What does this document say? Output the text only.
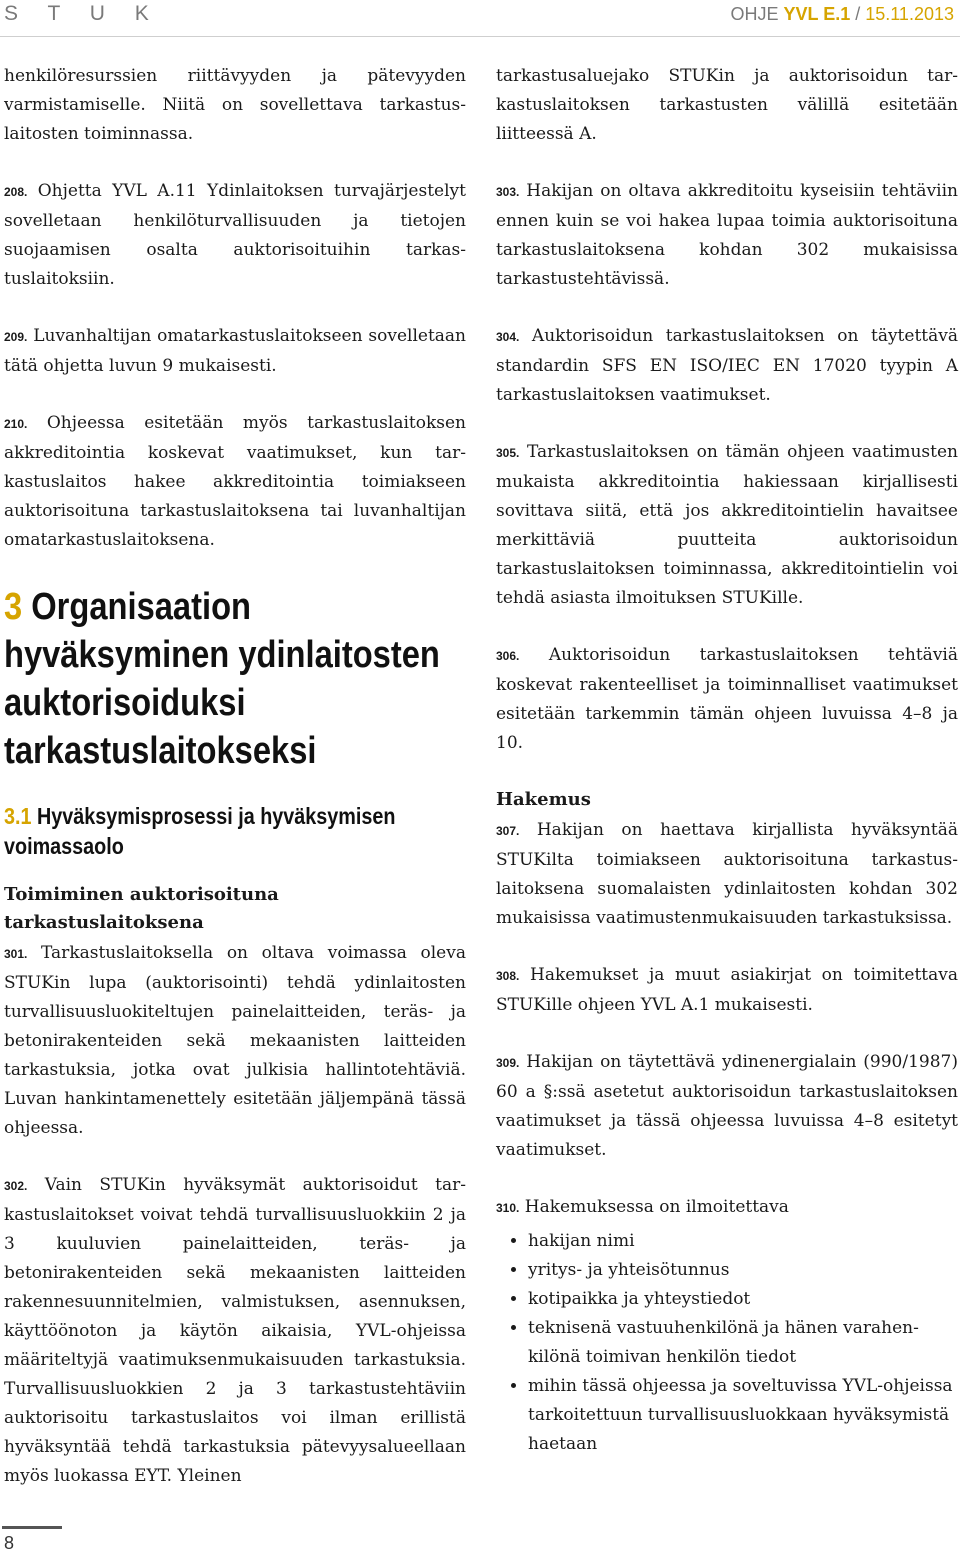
S T U K	OHJE YVL E.1 / 15.11.2013

henkilöresurssien riittävyyden ja pätevyyden varmistamiselle. Niitä on sovellettava tarkastuslaitosten toiminnassa.

208. Ohjetta YVL A.11 Ydinlaitoksen turvajärjestelyt sovelletaan henkilöturvallisuuden ja tietojen suojaamisen osalta auktorisoituihin tarkastuslaitoksiin.

209. Luvanhaltijan omatarkastuslaitokseen sovelletaan tätä ohjetta luvun 9 mukaisesti.

210. Ohjeessa esitetään myös tarkastuslaitoksen akkreditointia koskevat vaatimukset, kun tarkastuslaitos hakee akkreditointia toimiakseen auktorisoituna tarkastuslaitoksena tai luvanhaltijan omatarkastuslaitoksena.

3 Organisaation hyväksyminen ydinlaitosten auktorisoiduksi tarkastuslaitokseksi
3.1 Hyväksymisprosessi ja hyväksymisen voimassaolo
Toimiminen auktorisoituna tarkastuslaitoksena

301. Tarkastuslaitoksella on oltava voimassa oleva STUKin lupa (auktorisointi) tehdä ydinlaitosten turvallisuusluokiteltujen painelaitteiden, teräs- ja betonirakenteiden sekä mekaanisten laitteiden tarkastuksia, jotka ovat julkisia hallintotehtäviä. Luvan hankintamenettely esitetään jäljempänä tässä ohjeessa.

302. Vain STUKin hyväksymät auktorisoidut tarkastuslaitokset voivat tehdä turvallisuusluokkiin 2 ja 3 kuuluvien painelaitteiden, teräs- ja betonirakenteiden sekä mekaanisten laitteiden rakennesuunnitelmien, valmistuksen, asennuksen, käyttöönoton ja käytön aikaisia, YVL-ohjeissa määriteltyjä vaatimuksenmukaisuuden tarkastuksia. Turvallisuusluokkien 2 ja 3 tarkastustehtäviin auktorisoitu tarkastuslaitos voi ilman erillistä hyväksyntää tehdä tarkastuksia pätevyysalueellaan myös luokassa EYT. Yleinen

tarkastusaluejako STUKin ja auktorisoidun tarkastuslaitoksen tarkastusten välillä esitetään liitteessä A.

303. Hakijan on oltava akkreditoitu kyseisiin tehtäviin ennen kuin se voi hakea lupaa toimia auktorisoituna tarkastuslaitoksena kohdan 302 mukaisissa tarkastustehtävissä.

304. Auktorisoidun tarkastuslaitoksen on täytettävä standardin SFS EN ISO/IEC EN 17020 tyypin A tarkastuslaitoksen vaatimukset.

305. Tarkastuslaitoksen on tämän ohjeen vaatimusten mukaista akkreditointia hakiessaan kirjallisesti sovittava siitä, että jos akkreditointielin havaitsee merkittäviä puutteita auktorisoidun tarkastuslaitoksen toiminnassa, akkreditointielin voi tehdä asiasta ilmoituksen STUKille.

306. Auktorisoidun tarkastuslaitoksen tehtäviä koskevat rakenteelliset ja toiminnalliset vaatimukset esitetään tarkemmin tämän ohjeen luvuissa 4–8 ja 10.

Hakemus

307. Hakijan on haettava kirjallista hyväksyntää STUKilta toimiakseen auktorisoituna tarkastuslaitoksena suomalaisten ydinlaitosten kohdan 302 mukaisissa vaatimustenmukaisuuden tarkastuksissa.

308. Hakemukset ja muut asiakirjat on toimitettava STUKille ohjeen YVL A.1 mukaisesti.

309. Hakijan on täytettävä ydinenergialain (990/1987) 60 a §:ssä asetetut auktorisoidun tarkastuslaitoksen vaatimukset ja tässä ohjeessa luvuissa 4–8 esitetyt vaatimukset.

310. Hakemuksessa on ilmoitettava

• hakijan nimi
• yritys- ja yhteisötunnus
• kotipaikka ja yhteystiedot
• teknisenä vastuuhenkilönä ja hänen varahenkilönä toimivan henkilön tiedot
• mihin tässä ohjeessa ja soveltuvissa YVL-ohjeissa tarkoitettuun turvallisuusluokkaan hyväksymistä haetaan
8
